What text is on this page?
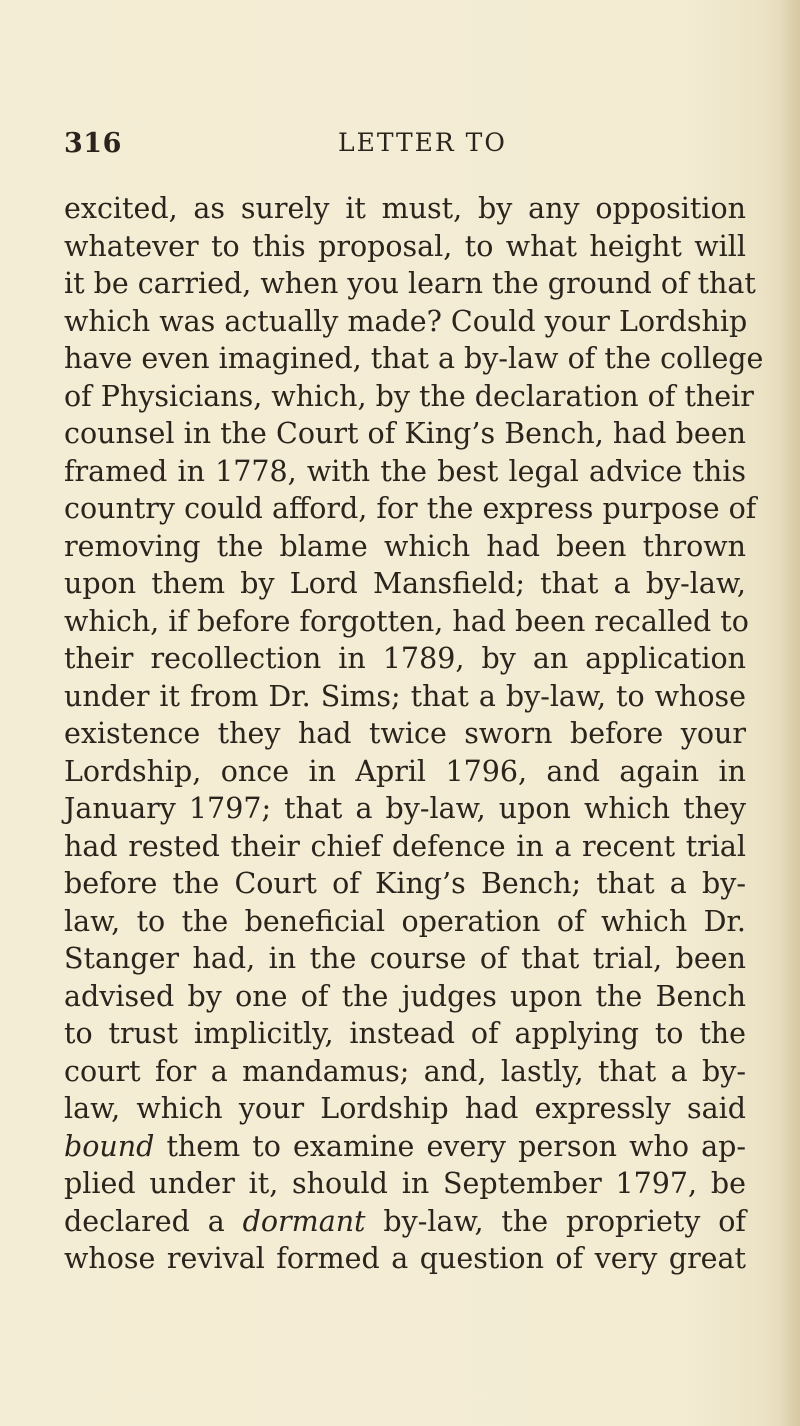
316	LETTER TO
excited, as surely it must, by any opposition
whatever to this proposal, to what height will
it be carried, when you learn the ground of that
which was actually made? Could your Lordship
have even imagined, that a by-law of the college
of Physicians, which, by the declaration of their
counsel in the Court of King’s Bench, had been
framed in 1778, with the best legal advice this
country could afford, for the express purpose of
removing the blame which had been thrown
upon them by Lord Mansfield; that a by-law,
which, if before forgotten, had been recalled to
their recollection in 1789, by an application
under it from Dr. Sims; that a by-law, to whose
existence they had twice sworn before your
Lordship, once in April 1796, and again in
January 1797; that a by-law, upon which they
had rested their chief defence in a recent trial
before the Court of King’s Bench; that a by-
law, to the beneficial operation of which Dr.
Stanger had, in the course of that trial, been
advised by one of the judges upon the Bench
to trust implicitly, instead of applying to the
court for a mandamus; and, lastly, that a by-
law, which your Lordship had expressly said
bound them to examine every person who ap-
plied under it, should in September 1797, be
declared a dormant by-law, the propriety of
whose revival formed a question of very great
